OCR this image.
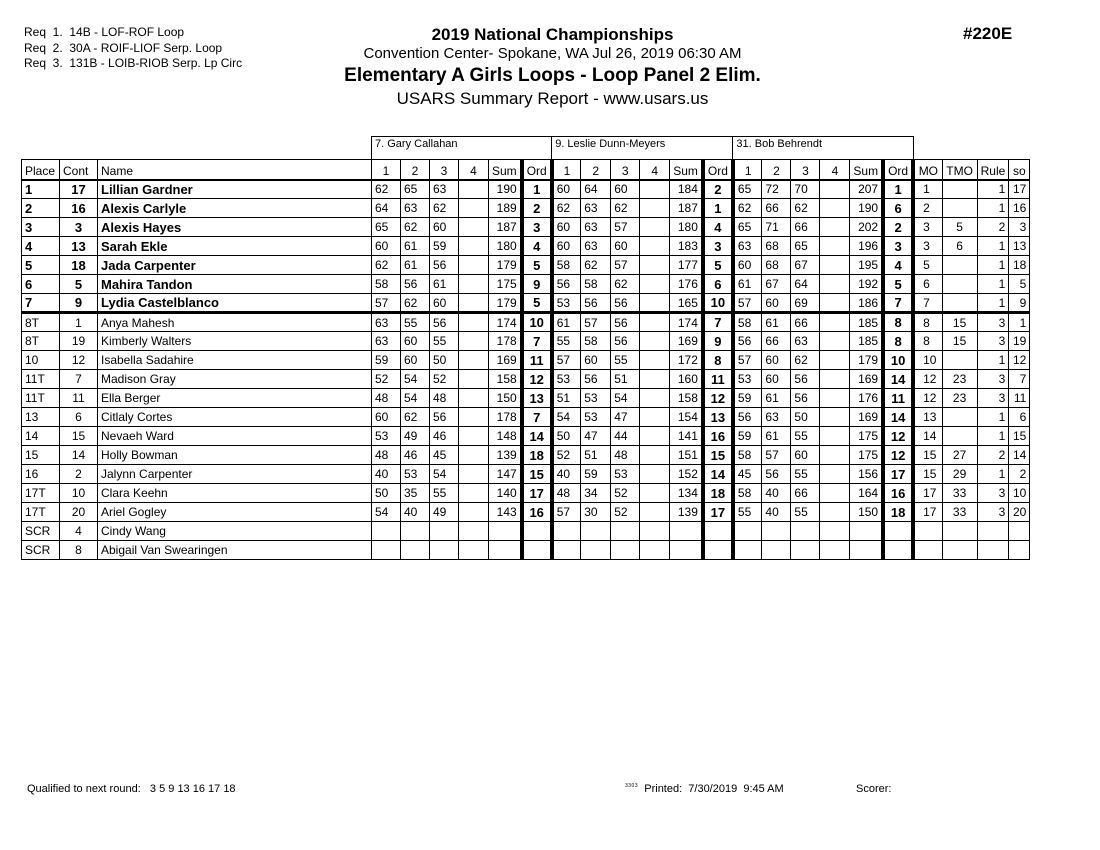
Req  1.  14B - LOF-ROF Loop
Req  2.  30A - ROIF-LIOF Serp. Loop
Req  3.  131B - LOIB-RIOB Serp. Lp Circ
2019 National Championships
Convention Center- Spokane, WA Jul 26, 2019 06:30 AM
Elementary A Girls Loops - Loop Panel 2 Elim.
USARS Summary Report - www.usars.us
#220E
			7. Gary Callahan						9. Leslie Dunn-Meyers						31. Bob Behrendt									
Place	Cont	Name	1	2	3	4	Sum	Ord	1	2	3	4	Sum	Ord	1	2	3	4	Sum	Ord	MO	TMO	Rule	so
1	17	Lillian Gardner	62	65	63		190	1	60	64	60		184	2	65	72	70		207	1	1		1	17
2	16	Alexis Carlyle	64	63	62		189	2	62	63	62		187	1	62	66	62		190	6	2		1	16
3	3	Alexis Hayes	65	62	60		187	3	60	63	57		180	4	65	71	66		202	2	3	5	2	3
4	13	Sarah Ekle	60	61	59		180	4	60	63	60		183	3	63	68	65		196	3	3	6	1	13
5	18	Jada Carpenter	62	61	56		179	5	58	62	57		177	5	60	68	67		195	4	5		1	18
6	5	Mahira Tandon	58	56	61		175	9	56	58	62		176	6	61	67	64		192	5	6		1	5
7	9	Lydia Castelblanco	57	62	60		179	5	53	56	56		165	10	57	60	69		186	7	7		1	9
8T	1	Anya Mahesh	63	55	56		174	10	61	57	56		174	7	58	61	66		185	8	8	15	3	1
8T	19	Kimberly Walters	63	60	55		178	7	55	58	56		169	9	56	66	63		185	8	8	15	3	19
10	12	Isabella Sadahire	59	60	50		169	11	57	60	55		172	8	57	60	62		179	10	10		1	12
11T	7	Madison Gray	52	54	52		158	12	53	56	51		160	11	53	60	56		169	14	12	23	3	7
11T	11	Ella Berger	48	54	48		150	13	51	53	54		158	12	59	61	56		176	11	12	23	3	11
13	6	Citlaly Cortes	60	62	56		178	7	54	53	47		154	13	56	63	50		169	14	13		1	6
14	15	Nevaeh Ward	53	49	46		148	14	50	47	44		141	16	59	61	55		175	12	14		1	15
15	14	Holly Bowman	48	46	45		139	18	52	51	48		151	15	58	57	60		175	12	15	27	2	14
16	2	Jalynn Carpenter	40	53	54		147	15	40	59	53		152	14	45	56	55		156	17	15	29	1	2
17T	10	Clara Keehn	50	35	55		140	17	48	34	52		134	18	58	40	66		164	16	17	33	3	10
17T	20	Ariel Gogley	54	40	49		143	16	57	30	52		139	17	55	40	55		150	18	17	33	3	20
SCR	4	Cindy Wang																						
SCR	8	Abigail Van Swearingen																						
Qualified to next round: 3 5 9 13 16 17 18	$^{3303}$ Printed:  7/30/2019  9:45 AM	Scorer:
